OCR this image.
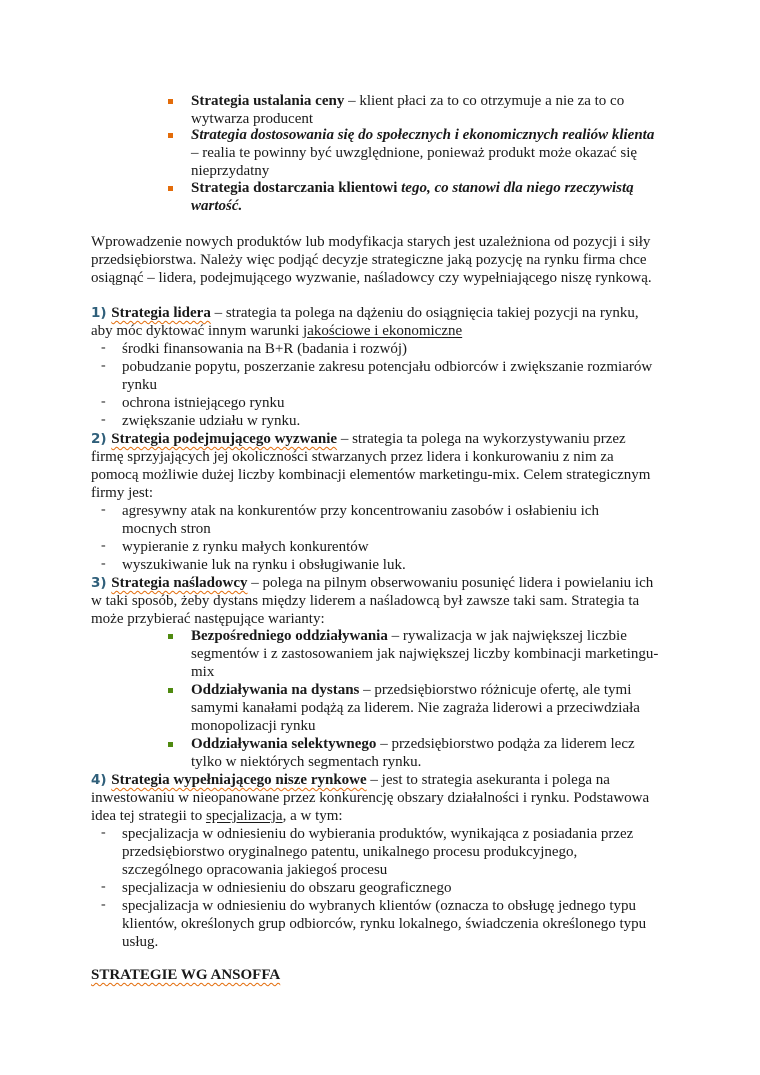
Strategia ustalania ceny – klient płaci za to co otrzymuje a nie za to co
wytwarza producent
Strategia dostosowania się do społecznych i ekonomicznych realiów klienta
– realia te powinny być uwzględnione, ponieważ produkt może okazać się
nieprzydatny
Strategia dostarczania klientowi tego, co stanowi dla niego rzeczywistą
wartość.
Wprowadzenie nowych produktów lub modyfikacja starych jest uzależniona od pozycji i siły
przedsiębiorstwa. Należy więc podjąć decyzje strategiczne jaką pozycję na rynku firma chce
osiągnąć – lidera, podejmującego wyzwanie, naśladowcy czy wypełniającego niszę rynkową.
1) Strategia lidera – strategia ta polega na dążeniu do osiągnięcia takiej pozycji na rynku,
aby móc dyktować innym warunki jakościowe i ekonomiczne
- środki finansowania na B+R (badania i rozwój)
- pobudzanie popytu, poszerzanie zakresu potencjału odbiorców i zwiększanie rozmiarów
rynku
- ochrona istniejącego rynku
- zwiększanie udziału w rynku.
2) Strategia podejmującego wyzwanie – strategia ta polega na wykorzystywaniu przez
firmę sprzyjających jej okoliczności stwarzanych przez lidera i konkurowaniu z nim za
pomocą możliwie dużej liczby kombinacji elementów marketingu-mix. Celem strategicznym
firmy jest:
- agresywny atak na konkurentów przy koncentrowaniu zasobów i osłabieniu ich
mocnych stron
- wypieranie z rynku małych konkurentów
- wyszukiwanie luk na rynku i obsługiwanie luk.
3) Strategia naśladowcy – polega na pilnym obserwowaniu posunięć lidera i powielaniu ich
w taki sposób, żeby dystans między liderem a naśladowcą był zawsze taki sam. Strategia ta
może przybierać następujące warianty:
Bezpośredniego oddziaływania – rywalizacja w jak największej liczbie
segmentów i z zastosowaniem jak największej liczby kombinacji marketingu-
mix
Oddziaływania na dystans – przedsiębiorstwo różnicuje ofertę, ale tymi
samymi kanałami podążą za liderem. Nie zagraża liderowi a przeciwdziała
monopolizacji rynku
Oddziaływania selektywnego – przedsiębiorstwo podąża za liderem lecz
tylko w niektórych segmentach rynku.
4) Strategia wypełniającego nisze rynkowe – jest to strategia asekuranta i polega na
inwestowaniu w nieopanowane przez konkurencję obszary działalności i rynku. Podstawowa
idea tej strategii to specjalizacja, a w tym:
- specjalizacja w odniesieniu do wybierania produktów, wynikająca z posiadania przez
przedsiębiorstwo oryginalnego patentu, unikalnego procesu produkcyjnego,
szczególnego opracowania jakiegoś procesu
- specjalizacja w odniesieniu do obszaru geograficznego
- specjalizacja w odniesieniu do wybranych klientów (oznacza to obsługę jednego typu
klientów, określonych grup odbiorców, rynku lokalnego, świadczenia określonego typu
usług.
STRATEGIE WG ANSOFFA
